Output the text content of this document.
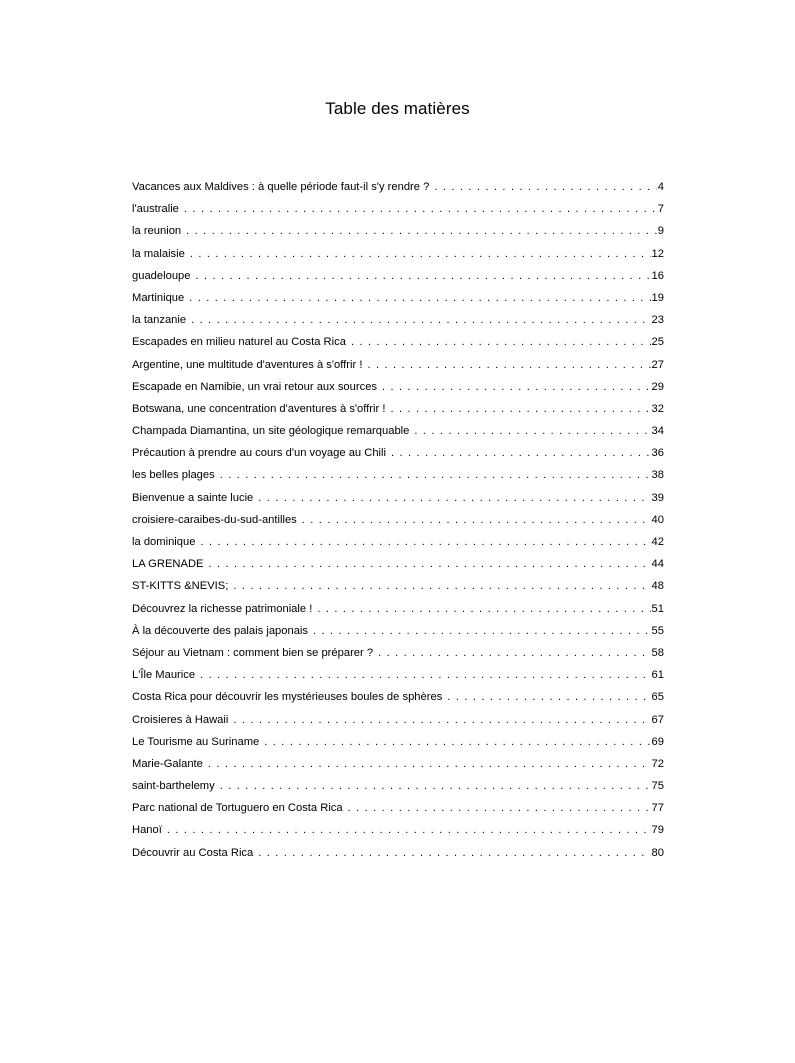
Table des matières
Vacances aux Maldives : à quelle période faut-il s'y rendre ? . . .	4
l'australie . . .	7
la reunion . . .	9
la malaisie . . .	12
guadeloupe . . .	16
Martinique . . .	19
la tanzanie . . .	23
Escapades en milieu naturel au Costa Rica . . .	25
Argentine, une multitude d'aventures à s'offrir ! . . .	27
Escapade en Namibie, un vrai retour aux sources . . .	29
Botswana, une concentration d'aventures à s'offrir ! . . .	32
Champada Diamantina, un site géologique remarquable . . .	34
Précaution à prendre au cours d'un voyage au Chili . . .	36
les belles plages . . .	38
Bienvenue a sainte lucie . . .	39
croisiere-caraibes-du-sud-antilles . . .	40
la dominique . . .	42
LA GRENADE . . .	44
ST-KITTS &NEVIS; . . .	48
Découvrez la richesse patrimoniale ! . . .	51
À la découverte des palais japonais . . .	55
Séjour au Vietnam : comment bien se préparer ? . . .	58
L'Île Maurice . . .	61
Costa Rica pour découvrir les mystérieuses boules de sphères . . .	65
Croisieres à Hawaii . . .	67
Le Tourisme au Suriname . . .	69
Marie-Galante . . .	72
saint-barthelemy . . .	75
Parc national de Tortuguero en Costa Rica . . .	77
Hanoï . . .	79
Découvrir au Costa Rica . . .	80
